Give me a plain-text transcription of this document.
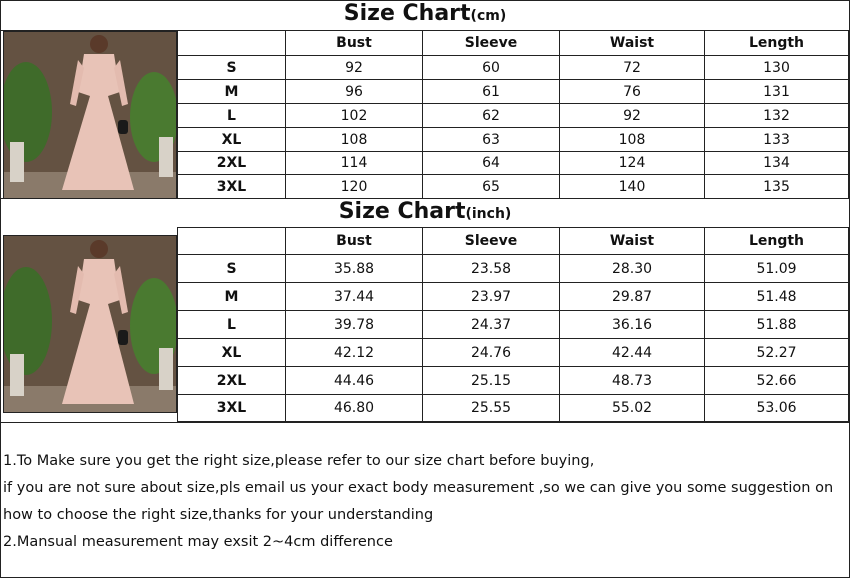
Size Chart(cm)
	Bust	Sleeve	Waist	Length
S	92	60	72	130
M	96	61	76	131
L	102	62	92	132
XL	108	63	108	133
2XL	114	64	124	134
3XL	120	65	140	135
Size Chart(inch)
	Bust	Sleeve	Waist	Length
S	35.88	23.58	28.30	51.09
M	37.44	23.97	29.87	51.48
L	39.78	24.37	36.16	51.88
XL	42.12	24.76	42.44	52.27
2XL	44.46	25.15	48.73	52.66
3XL	46.80	25.55	55.02	53.06
1.To Make sure you get the right size,please refer to our size chart before buying,
if you are not sure about size,pls email us your exact body measurement ,so we can give you some suggestion on
how to choose the right size,thanks for your understanding
2.Mansual measurement may exsit 2~4cm difference
